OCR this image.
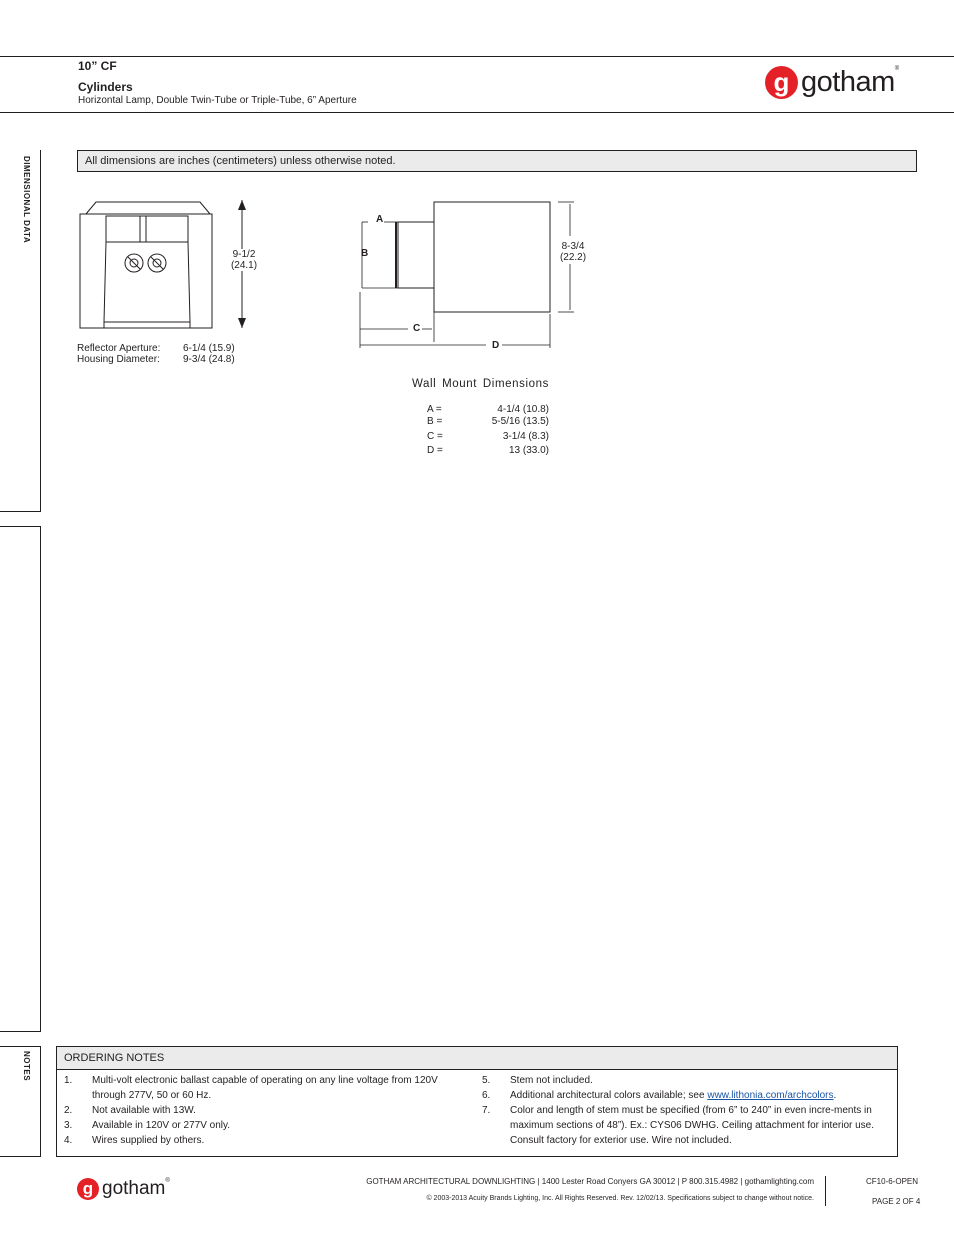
10” CF
Cylinders
Horizontal Lamp, Double Twin-Tube or Triple-Tube, 6” Aperture
g gotham®
DIMENSIONAL DATA
NOTES
All dimensions are inches (centimeters) unless otherwise noted.
9-1/2
(24.1)
Reflector Aperture: 6-1/4 (15.9)
Housing Diameter: 9-3/4 (24.8)
A
B
C
D
8-3/4
(22.2)
Wall Mount Dimensions
A =	4-1/4 (10.8)
B =	5-5/16 (13.5)
C =	3-1/4 (8.3)
D =	13 (33.0)
ORDERING NOTES
1. Multi-volt electronic ballast capable of operating on any line voltage from 120V through 277V, 50 or 60 Hz.
2. Not available with 13W.
3. Available in 120V or 277V only.
4. Wires supplied by others.
5. Stem not included.
6. Additional architectural colors available; see www.lithonia.com/archcolors.
7. Color and length of stem must be specified (from 6” to 240” in even incre-ments in maximum sections of 48”). Ex.: CYS06 DWHG. Ceiling attachment for interior use. Consult factory for exterior use. Wire not included.
g gotham®	GOTHAM ARCHITECTURAL DOWNLIGHTING | 1400 Lester Road Conyers GA 30012 | P 800.315.4982 | gothamlighting.com
© 2003-2013 Acuity Brands Lighting, Inc. All Rights Reserved. Rev. 12/02/13. Specifications subject to change without notice.
CF10-6-OPEN
PAGE 2 OF 4
